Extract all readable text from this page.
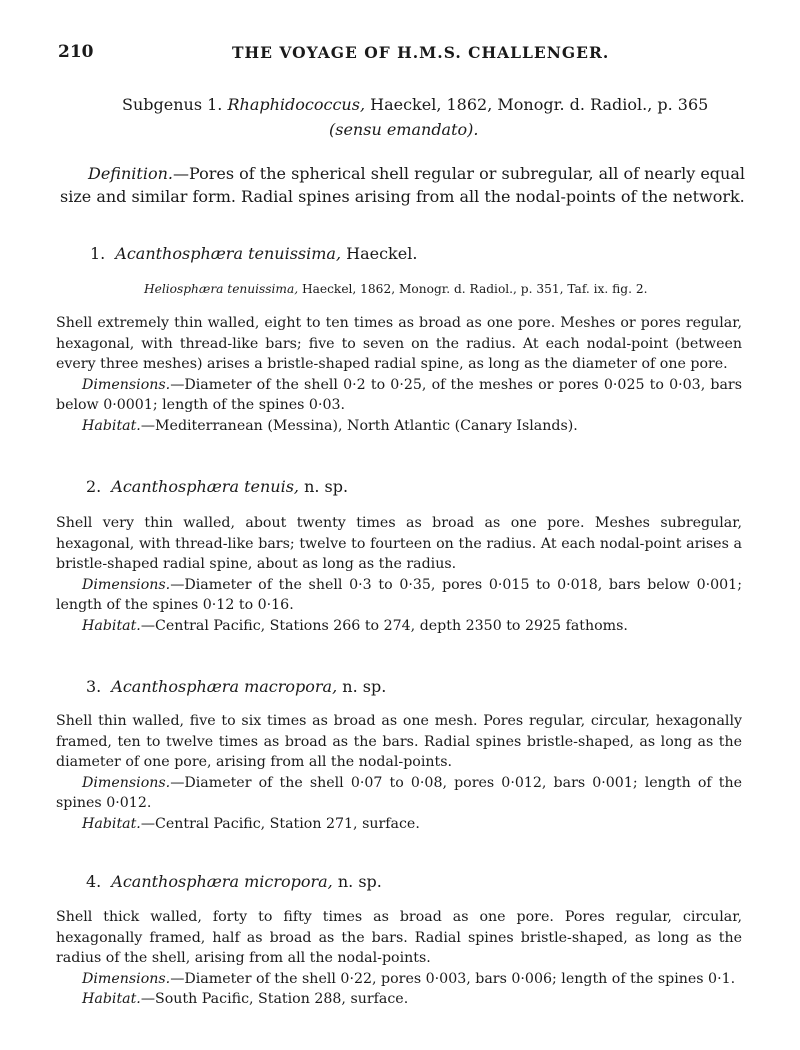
210	THE VOYAGE OF H.M.S. CHALLENGER.
Subgenus 1. Rhaphidococcus, Haeckel, 1862, Monogr. d. Radiol., p. 365
(sensu emandato).
Definition.—Pores of the spherical shell regular or subregular, all of nearly equal
size and similar form. Radial spines arising from all the nodal-points of the network.
1. Acanthosphæra tenuissima, Haeckel.
Heliosphæra tenuissima, Haeckel, 1862, Monogr. d. Radiol., p. 351, Taf. ix. fig. 2.
Shell extremely thin walled, eight to ten times as broad as one pore. Meshes or pores regular, hexagonal, with thread-like bars; five to seven on the radius. At each nodal-point (between every three meshes) arises a bristle-shaped radial spine, as long as the diameter of one pore.
Dimensions.—Diameter of the shell 0·2 to 0·25, of the meshes or pores 0·025 to 0·03, bars below 0·0001; length of the spines 0·03.
Habitat.—Mediterranean (Messina), North Atlantic (Canary Islands).
2. Acanthosphæra tenuis, n. sp.
Shell very thin walled, about twenty times as broad as one pore. Meshes subregular, hexagonal, with thread-like bars; twelve to fourteen on the radius. At each nodal-point arises a bristle-shaped radial spine, about as long as the radius.
Dimensions.—Diameter of the shell 0·3 to 0·35, pores 0·015 to 0·018, bars below 0·001; length of the spines 0·12 to 0·16.
Habitat.—Central Pacific, Stations 266 to 274, depth 2350 to 2925 fathoms.
3. Acanthosphæra macropora, n. sp.
Shell thin walled, five to six times as broad as one mesh. Pores regular, circular, hexagonally framed, ten to twelve times as broad as the bars. Radial spines bristle-shaped, as long as the diameter of one pore, arising from all the nodal-points.
Dimensions.—Diameter of the shell 0·07 to 0·08, pores 0·012, bars 0·001; length of the spines 0·012.
Habitat.—Central Pacific, Station 271, surface.
4. Acanthosphæra micropora, n. sp.
Shell thick walled, forty to fifty times as broad as one pore. Pores regular, circular, hexagonally framed, half as broad as the bars. Radial spines bristle-shaped, as long as the radius of the shell, arising from all the nodal-points.
Dimensions.—Diameter of the shell 0·22, pores 0·003, bars 0·006; length of the spines 0·1.
Habitat.—South Pacific, Station 288, surface.
